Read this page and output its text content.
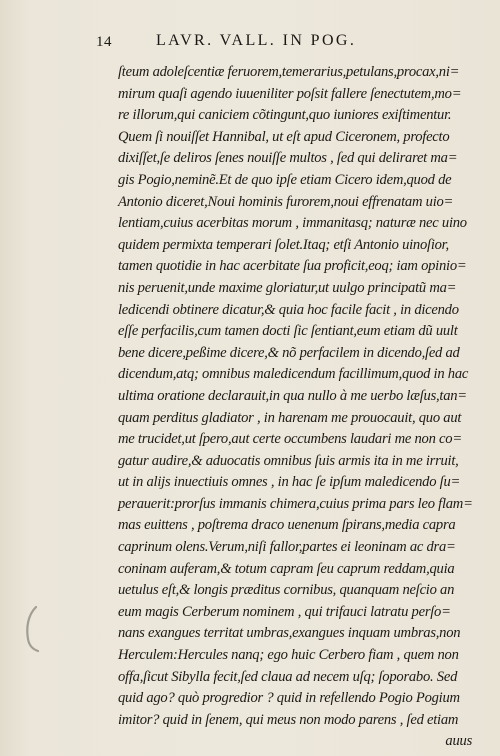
14	LAVR. VALL. IN POG.
ſteum adoleſcentiæ feruorem,temerarius,petulans,procax,ni=
mirum quaſi agendo iuueniliter poſsit fallere ſenectutem,mo=
re illorum,qui caniciem cõtingunt,quo iuniores exiſtimentur.
Quem ſi nouiſſet Hannibal, ut eſt apud Ciceronem, profecto
dixiſſet,ſe deliros ſenes nouiſſe multos , ſed qui deliraret ma=
gis Pogio,neminẽ.Et de quo ipſe etiam Cicero idem,quod de
Antonio diceret,Noui hominis furorem,noui effrenatam uio=
lentiam,cuius acerbitas morum , immanitasq; naturæ nec uino
quidem permixta temperari ſolet.Itaq; etſi Antonio uinoſior,
tamen quotidie in hac acerbitate ſua proficit,eoq; iam opinio=
nis peruenit,unde maxime gloriatur,ut uulgo principatũ ma=
ledicendi obtinere dicatur,& quia hoc facile facit , in dicendo
eſſe perfacilis,cum tamen docti ſic ſentiant,eum etiam dũ uult
bene dicere,peßime dicere,& nõ perfacilem in dicendo,ſed ad
dicendum,atq; omnibus maledicendum facillimum,quod in hac
ultima oratione declarauit,in qua nullo à me uerbo læſus,tan=
quam perditus gladiator , in harenam me prouocauit, quo aut
me trucidet,ut ſpero,aut certe occumbens laudari me non co=
gatur audire,& aduocatis omnibus ſuis armis ita in me irruit,
ut in alijs inuectiuis omnes , in hac ſe ipſum maledicendo ſu=
perauerit:prorſus immanis chimera,cuius prima pars leo flam=
mas euittens , poſtrema draco uenenum ſpirans,media capra
caprinum olens.Verum,niſi fallor,partes ei leoninam ac dra=
coninam auferam,& totum capram ſeu caprum reddam,quia
uetulus eſt,& longis præditus cornibus, quanquam neſcio an
eum magis Cerberum nominem , qui trifauci latratu perſo=
nans exangues territat umbras,exangues inquam umbras,non
Herculem:Hercules nanq; ego huic Cerbero fiam , quem non
offa,ſicut Sibylla fecit,ſed claua ad necem uſq; ſoporabo. Sed
quid ago? quò progredior ? quid in refellendo Pogio Pogium
imitor? quid in ſenem, qui meus non modo parens , ſed etiam
auus
